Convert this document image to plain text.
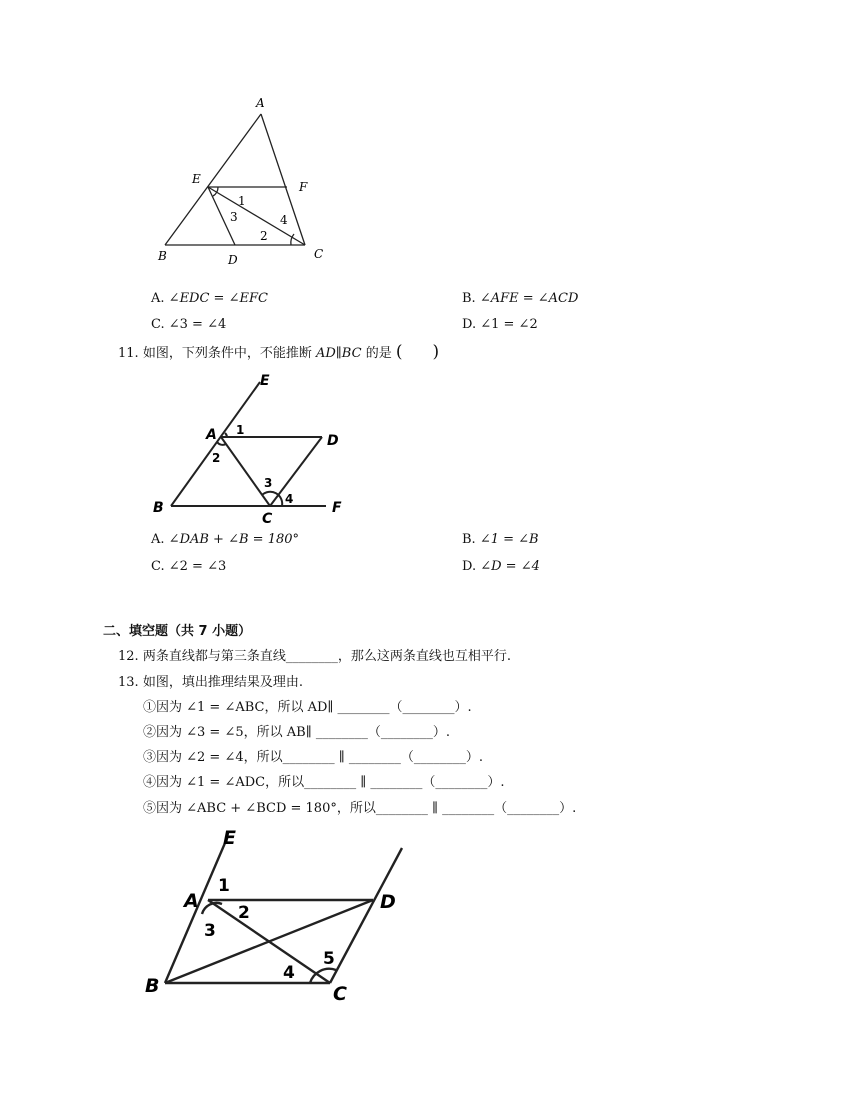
A
E
F
B	D	C
1
3	4
2
A. ∠EDC = ∠EFC	B. ∠AFE = ∠ACD
C. ∠3 = ∠4	D. ∠1 = ∠2
11. 如图，下列条件中，不能推断 AD∥BC 的是 ( )
E
A	D
B
C
F
1
2
3
4
A. ∠DAB + ∠B = 180°	B. ∠1 = ∠B
C. ∠2 = ∠3	D. ∠D = ∠4
二、填空题（共 7 小题）
12. 两条直线都与第三条直线________，那么这两条直线也互相平行.
13. 如图，填出推理结果及理由.
①因为 ∠1 = ∠ABC，所以 AD∥ ________（________）.
②因为 ∠3 = ∠5，所以 AB∥ ________（________）.
③因为 ∠2 = ∠4，所以________ ∥ ________（________）.
④因为 ∠1 = ∠ADC，所以________ ∥ ________（________）.
⑤因为 ∠ABC + ∠BCD = 180°，所以________ ∥ ________（________）.
E
A	D
B	C
1
2
3
4
5
